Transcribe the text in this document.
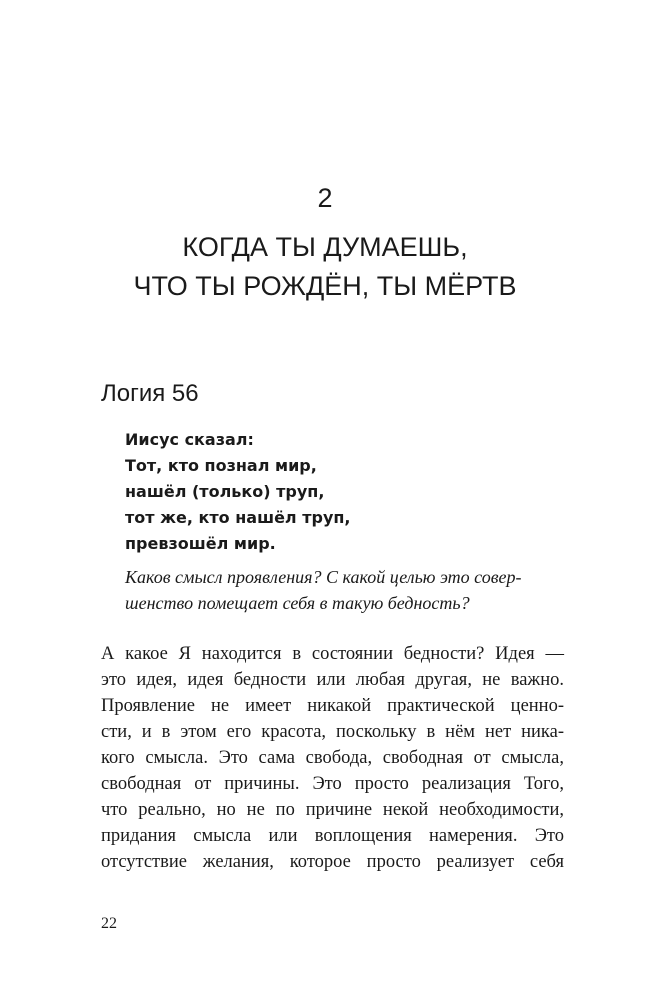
2
КОГДА ТЫ ДУМАЕШЬ,
ЧТО ТЫ РОЖДЁН, ТЫ МЁРТВ
Логия 56
Иисус сказал:
Тот, кто познал мир,
нашёл (только) труп,
тот же, кто нашёл труп,
превзошёл мир.
Каков смысл проявления? С какой целью это совер-
шенство помещает себя в такую бедность?
А какое Я находится в состоянии бедности? Идея —
это идея, идея бедности или любая другая, не важно.
Проявление не имеет никакой практической ценно-
сти, и в этом его красота, поскольку в нём нет ника-
кого смысла. Это сама свобода, свободная от смысла,
свободная от причины. Это просто реализация Того,
что реально, но не по причине некой необходимости,
придания смысла или воплощения намерения. Это
отсутствие желания, которое просто реализует себя
22
